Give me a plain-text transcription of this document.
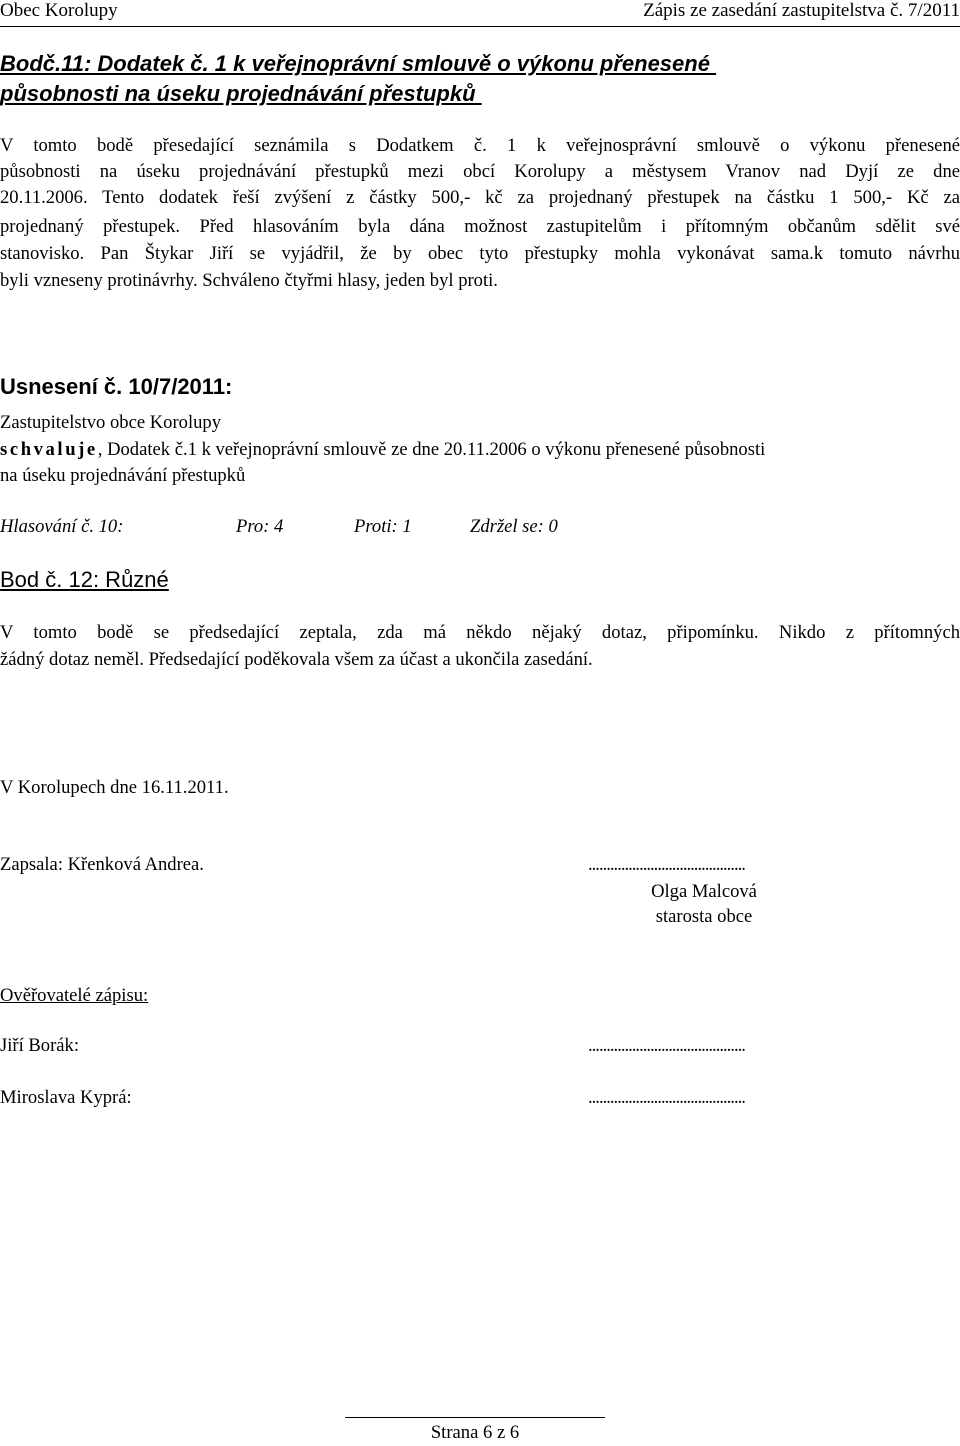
Obec Korolupy	Zápis ze zasedání zastupitelstva č. 7/2011
Bodč.11: Dodatek č. 1 k veřejnoprávní smlouvě o výkonu přenesené
působnosti na úseku projednávání přestupků
V tomto bodě přesedající seznámila s Dodatkem č. 1 k veřejnosprávní smlouvě o výkonu přenesené
působnosti na úseku projednávání přestupků mezi obcí Korolupy a městysem Vranov nad Dyjí ze dne
20.11.2006. Tento dodatek řeší zvýšení z částky 500,- kč za projednaný přestupek na částku 1 500,- Kč za
projednaný přestupek. Před hlasováním byla dána možnost zastupitelům i přítomným občanům sdělit své
stanovisko. Pan Štykar Jiří se vyjádřil, že by obec tyto přestupky mohla vykonávat sama.k tomuto návrhu
byli vzneseny protinávrhy. Schváleno čtyřmi hlasy, jeden byl proti.
Usnesení č. 10/7/2011:
Zastupitelstvo obce Korolupy
schvaluje, Dodatek č.1 k veřejnoprávní smlouvě ze dne 20.11.2006 o výkonu přenesené působnosti
na úseku projednávání přestupků
Hlasování č. 10:	Pro: 4	Proti: 1	Zdržel se: 0
Bod č. 12: Různé
V tomto bodě se předsedající zeptala, zda má někdo nějaký dotaz, připomínku. Nikdo z přítomných
žádný dotaz neměl. Předsedající poděkovala všem za účast a ukončila zasedání.
V Korolupech dne 16.11.2011.
Zapsala: Křenková Andrea.	...........................................
Olga Malcová
starosta obce
Ověřovatelé zápisu:
Jiří Borák:	...........................................
Miroslava Kyprá:	...........................................
Strana 6 z 6
